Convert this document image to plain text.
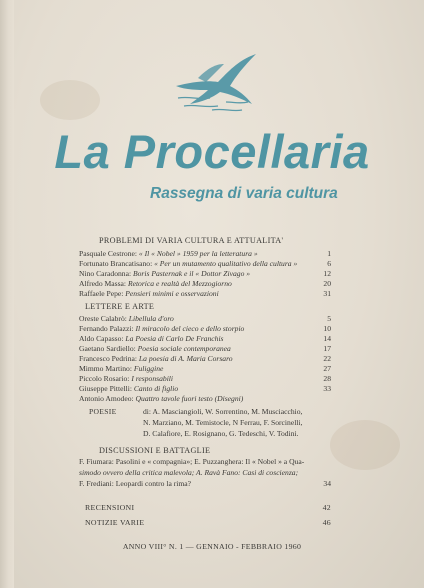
La Procellaria

Rassegna di varia cultura

PROBLEMI DI VARIA CULTURA E ATTUALITA'
Pasquale Cestrone: « Il « Nobel » 1959 per la letteratura »	1
Fortunato Brancatisano: « Per un mutamento qualitativo della cultura »	6
Nino Caradonna: Boris Pasternak e il « Dottor Zivago »	12
Alfredo Massa: Retorica e realtà del Mezzogiorno	20
Raffaele Pepe: Pensieri minimi e osservazioni	31
LETTERE E ARTE
Oreste Calabrò: Libellula d'oro	5
Fernando Palazzi: Il miracolo del cieco e dello storpio	10
Aldo Capasso: La Poesia di Carlo De Franchis	14
Gaetano Sardiello: Poesia sociale contemporanea	17
Francesco Pedrina: La poesia di A. Maria Corsaro	22
Mimmo Martino: Fuliggine	27
Piccolo Rosario: I responsabili	28
Giuseppe Pittelli: Canto di figlio	33
Antonio Amodeo: Quattro tavole fuori testo (Disegni)
POESIE	di: A. Masciangioli, W. Sorrentino, M. Musciacchio,
N. Marziano, M. Temistocle, N Ferrau, F. Sorcinelli,
D. Calafiore, E. Rosignano, G. Tedeschi, V. Todini.
DISCUSSIONI E BATTAGLIE
F. Fiumara: Pasolini e « compagnia»; E. Puzzanghera: Il « Nobel » a Qua-
simodo ovvero della critica malevola; A. Ravà Fano: Casi di coscienza;
F. Frediani: Leopardi contro la rima?	34
RECENSIONI	42
NOTIZIE VARIE	46
ANNO VIII° N. 1 — GENNAIO - FEBBRAIO 1960
